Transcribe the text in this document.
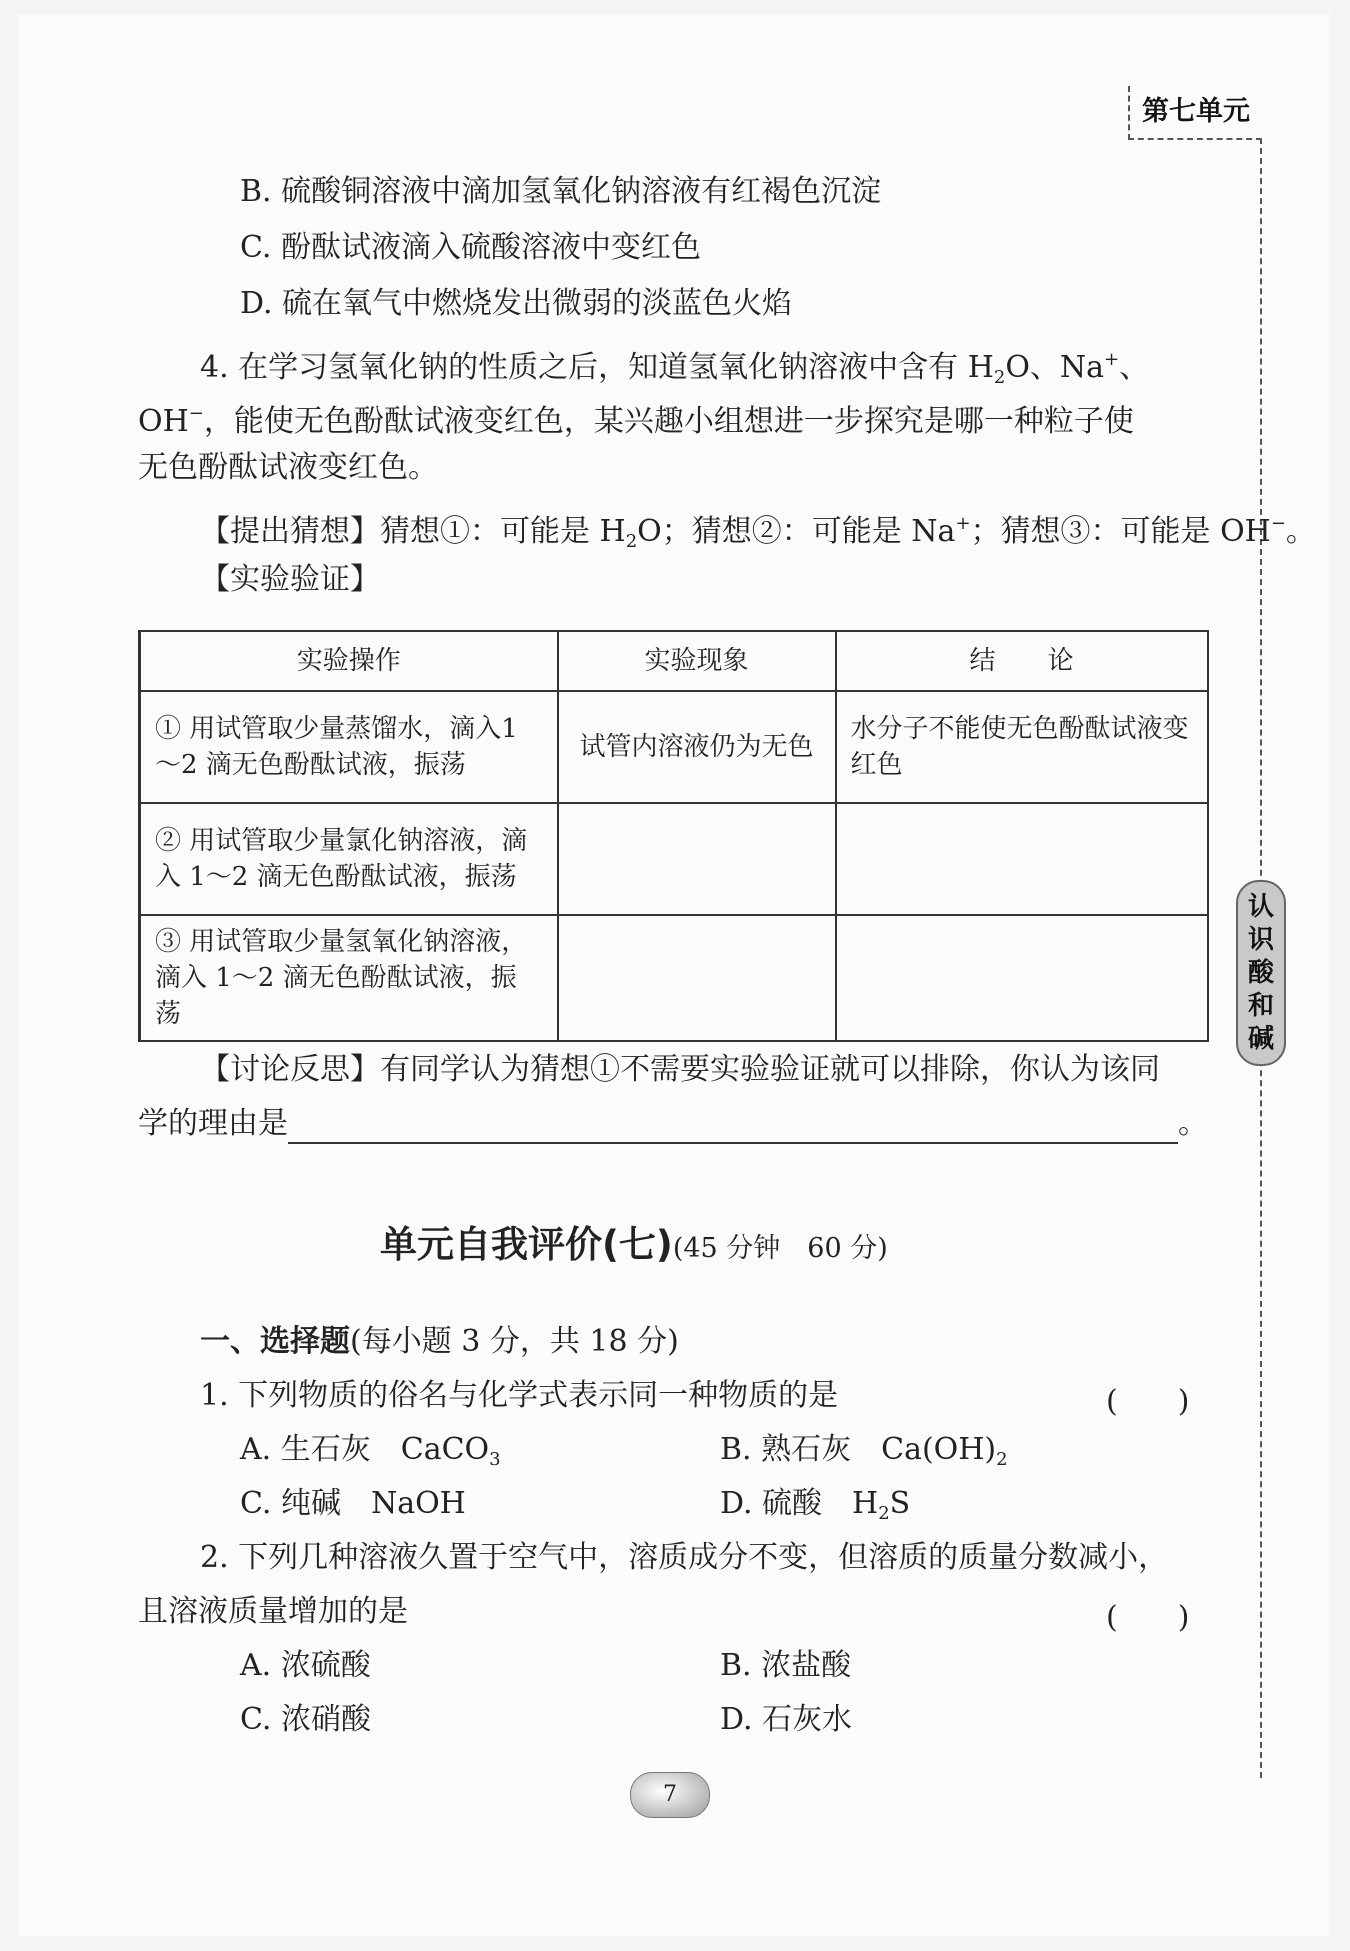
第七单元
认
识
酸
和
碱
B. 硫酸铜溶液中滴加氢氧化钠溶液有红褐色沉淀
C. 酚酞试液滴入硫酸溶液中变红色
D. 硫在氧气中燃烧发出微弱的淡蓝色火焰
4. 在学习氢氧化钠的性质之后，知道氢氧化钠溶液中含有 $H_2O$、Na+、
OH−，能使无色酚酞试液变红色，某兴趣小组想进一步探究是哪一种粒子使
无色酚酞试液变红色。
【提出猜想】猜想①：可能是 $H_2O$；猜想②：可能是 Na+；猜想③：可能是 OH−。
【实验验证】
实验操作	实验现象	结　　论
① 用试管取少量蒸馏水，滴入1～2 滴无色酚酞试液，振荡	试管内溶液仍为无色	水分子不能使无色酚酞试液变红色
② 用试管取少量氯化钠溶液，滴入 1～2 滴无色酚酞试液，振荡		
③ 用试管取少量氢氧化钠溶液，滴入 1～2 滴无色酚酞试液，振荡		
【讨论反思】有同学认为猜想①不需要实验验证就可以排除，你认为该同
学的理由是	。
单元自我评价(七)(45 分钟　60 分)
一、选择题(每小题 3 分，共 18 分)
1. 下列物质的俗名与化学式表示同一种物质的是	(　　)
A. 生石灰　CaCO$_3$	B. 熟石灰　$Ca(OH)_2$
C. 纯碱　NaOH	D. 硫酸　$H_2S$
2. 下列几种溶液久置于空气中，溶质成分不变，但溶质的质量分数减小，
且溶液质量增加的是	(　　)
A. 浓硫酸	B. 浓盐酸
C. 浓硝酸	D. 石灰水
7
